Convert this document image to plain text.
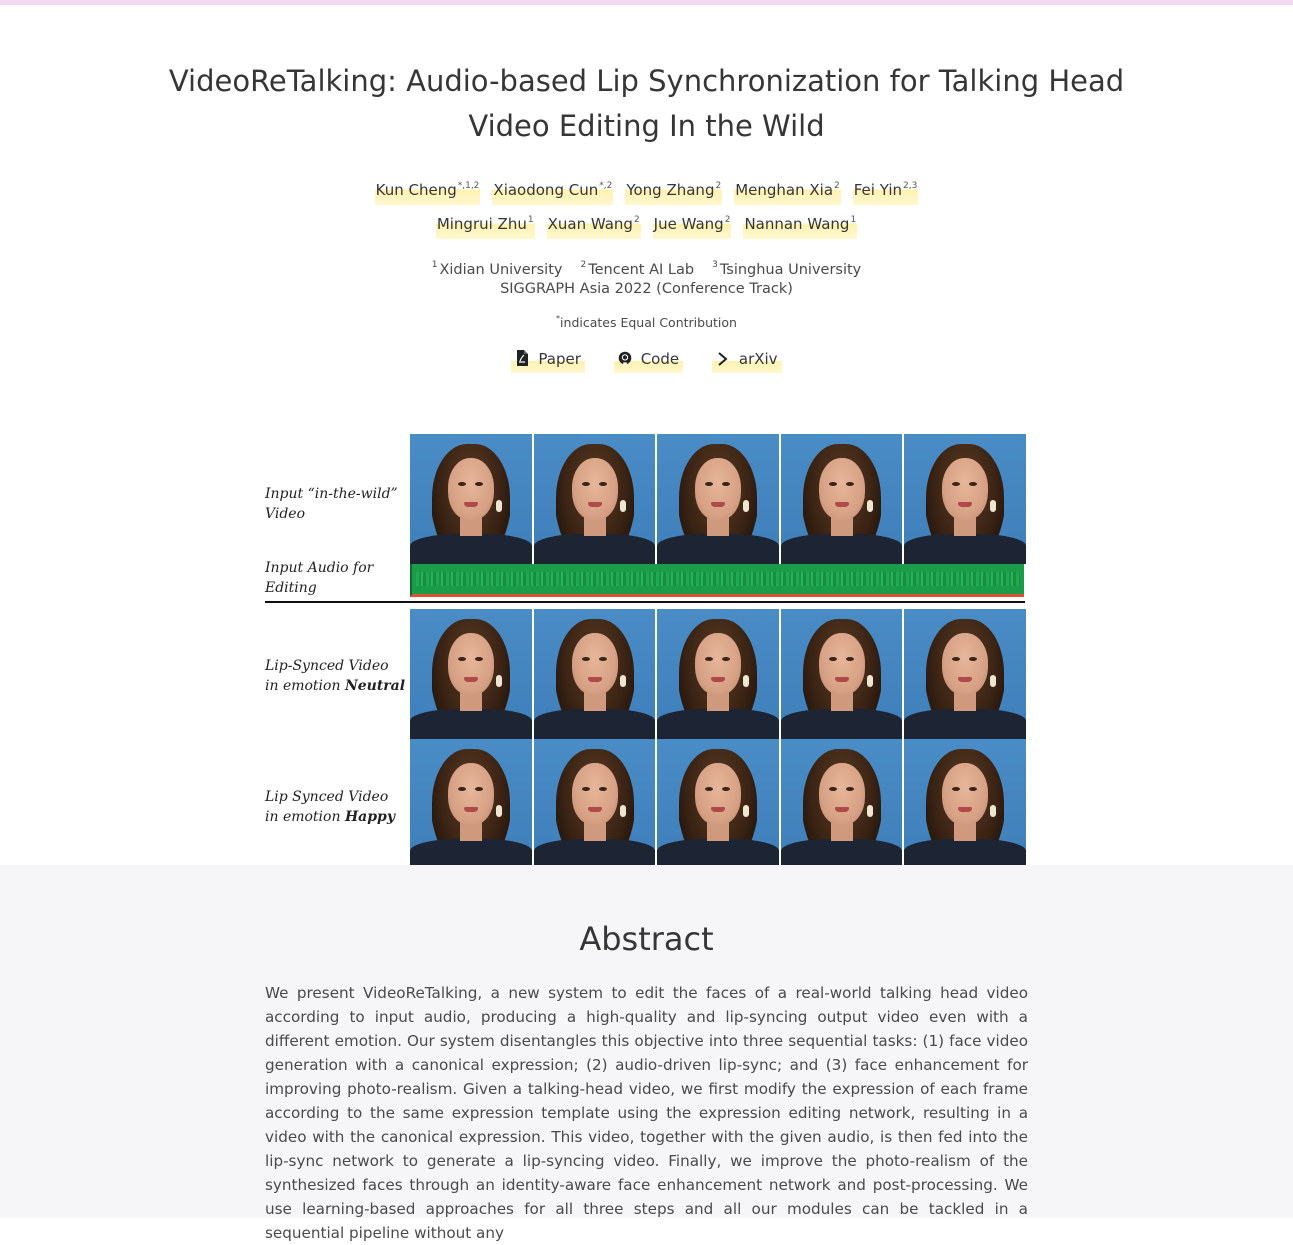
VideoReTalking: Audio-based Lip Synchronization for Talking Head
Video Editing In the Wild
Kun Cheng$^{*,1,2}$ Xiaodong Cun$^{*,2}$ Yong Zhang$^2$ Menghan Xia$^2$ Fei Yin$^{2,3}$
Mingrui Zhu$^1$ Xuan Wang$^2$ Jue Wang$^2$ Nannan Wang$^1$
$^1$ Xidian University $^2$ Tencent AI Lab $^3$ Tsinghua University
SIGGRAPH Asia 2022 (Conference Track)
*indicates Equal Contribution
Paper	Code	arXiv
Input “in-the-wild”
Video
Input Audio for
Editing
Lip-Synced Video
in emotion Neutral
Lip Synced Video
in emotion Happy
Abstract

We present VideoReTalking, a new system to edit the faces of a real-world talking head video according to input audio, producing a high-quality and lip-syncing output video even with a different emotion. Our system disentangles this objective into three sequential tasks: (1) face video generation with a canonical expression; (2) audio-driven lip-sync; and (3) face enhancement for improving photo-realism. Given a talking-head video, we first modify the expression of each frame according to the same expression template using the expression editing network, resulting in a video with the canonical expression. This video, together with the given audio, is then fed into the lip-sync network to generate a lip-syncing video. Finally, we improve the photo-realism of the synthesized faces through an identity-aware face enhancement network and post-processing. We use learning-based approaches for all three steps and all our modules can be tackled in a sequential pipeline without any
